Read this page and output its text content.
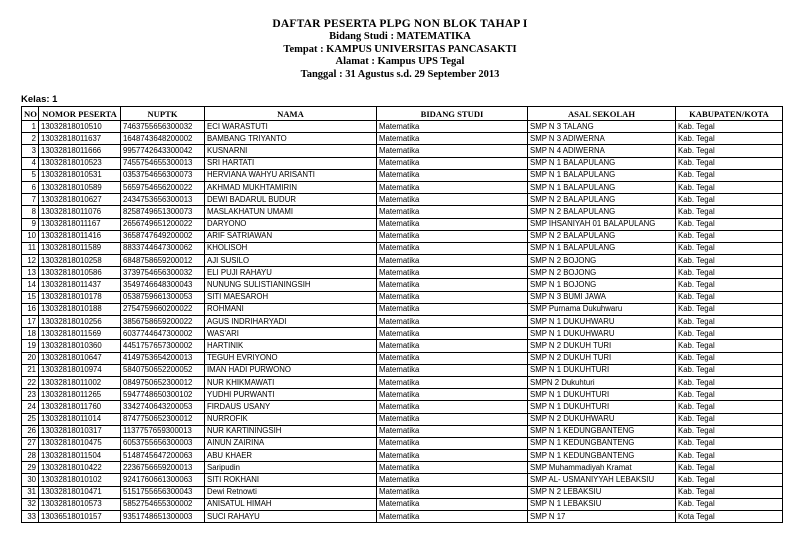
DAFTAR PESERTA PLPG NON BLOK TAHAP I
Bidang Studi : MATEMATIKA
Tempat : KAMPUS UNIVERSITAS PANCASAKTI
Alamat : Kampus UPS Tegal
Tanggal : 31 Agustus s.d. 29 September 2013
Kelas: 1
NO	NOMOR PESERTA	NUPTK	NAMA	BIDANG STUDI	ASAL SEKOLAH	KABUPATEN/KOTA
1	13032818010510	7463755656300032	ECI WARASTUTI	Matematika	SMP N 3 TALANG	Kab. Tegal
2	13032818011637	1648743648200002	BAMBANG TRIYANTO	Matematika	SMP N 3 ADIWERNA	Kab. Tegal
3	13032818011666	9957742643300042	KUSNARNI	Matematika	SMP N 4 ADIWERNA	Kab. Tegal
4	13032818010523	7455754655300013	SRI HARTATI	Matematika	SMP N 1 BALAPULANG	Kab. Tegal
5	13032818010531	0353754656300073	HERVIANA WAHYU ARISANTI	Matematika	SMP N 1 BALAPULANG	Kab. Tegal
6	13032818010589	5659754656200022	AKHMAD MUKHTAMIRIN	Matematika	SMP N 1 BALAPULANG	Kab. Tegal
7	13032818010627	2434753656300013	DEWI BADARUL BUDUR	Matematika	SMP N 2 BALAPULANG	Kab. Tegal
8	13032818011076	8258749651300073	MASLAKHATUN UMAMI	Matematika	SMP N 2 BALAPULANG	Kab. Tegal
9	13032818011167	2656749651200022	DARYONO	Matematika	SMP IHSANIYAH 01 BALAPULANG	Kab. Tegal
10	13032818011416	3658747649200002	ARIF SATRIAWAN	Matematika	SMP N 2 BALAPULANG	Kab. Tegal
11	13032818011589	8833744647300062	KHOLISOH	Matematika	SMP N 1 BALAPULANG	Kab. Tegal
12	13032818010258	6848758659200012	AJI SUSILO	Matematika	SMP N 2 BOJONG	Kab. Tegal
13	13032818010586	3739754656300032	ELI PUJI RAHAYU	Matematika	SMP N 2 BOJONG	Kab. Tegal
14	13032818011437	3549746648300043	NUNUNG SULISTIANINGSIH	Matematika	SMP N 1 BOJONG	Kab. Tegal
15	13032818010178	0538759661300053	SITI MAESAROH	Matematika	SMP N 3 BUMI JAWA	Kab. Tegal
16	13032818010188	2754759660200022	ROHMANI	Matematika	SMP Purnama Dukuhwaru	Kab. Tegal
17	13032818010256	3856758659200022	AGUS INDRIHARYADI	Matematika	SMP N 1 DUKUHWARU	Kab. Tegal
18	13032818011569	6037744647300002	WAS'ARI	Matematika	SMP N 1 DUKUHWARU	Kab. Tegal
19	13032818010360	4451757657300002	HARTINIK	Matematika	SMP N 2 DUKUH TURI	Kab. Tegal
20	13032818010647	4149753654200013	TEGUH EVRIYONO	Matematika	SMP N 2 DUKUH TURI	Kab. Tegal
21	13032818010974	5840750652200052	IMAN HADI PURWONO	Matematika	SMP N 1 DUKUHTURI	Kab. Tegal
22	13032818011002	0849750652300012	NUR KHIKMAWATI	Matematika	SMPN 2 Dukuhturi	Kab. Tegal
23	13032818011265	5947748650300102	YUDHI PURWANTI	Matematika	SMP N 1 DUKUHTURI	Kab. Tegal
24	13032818011760	3342740643200053	FIRDAUS USANY	Matematika	SMP N 1 DUKUHTURI	Kab. Tegal
25	13032818011014	8747750652300012	NURROFIK	Matematika	SMP N 2 DUKUHWARU	Kab. Tegal
26	13032818010317	1137757659300013	NUR KARTININGSIH	Matematika	SMP N 1 KEDUNGBANTENG	Kab. Tegal
27	13032818010475	6053755656300003	AINUN ZAIRINA	Matematika	SMP N 1 KEDUNGBANTENG	Kab. Tegal
28	13032818011504	5148745647200063	ABU KHAER	Matematika	SMP N 1 KEDUNGBANTENG	Kab. Tegal
29	13032818010422	2236756659200013	Saripudin	Matematika	SMP Muhammadiyah Kramat	Kab. Tegal
30	13032818010102	9241760661300063	SITI ROKHANI	Matematika	SMP AL- USMANIYYAH LEBAKSIU	Kab. Tegal
31	13032818010471	5151755656300043	Dewi Retnowti	Matematika	SMP N 2 LEBAKSIU	Kab. Tegal
32	13032818010573	5852754655300002	ANISATUL HIMAH	Matematika	SMP N 1 LEBAKSIU	Kab. Tegal
33	13036518010157	9351748651300003	SUCI RAHAYU	Matematika	SMP N 17	Kota Tegal
